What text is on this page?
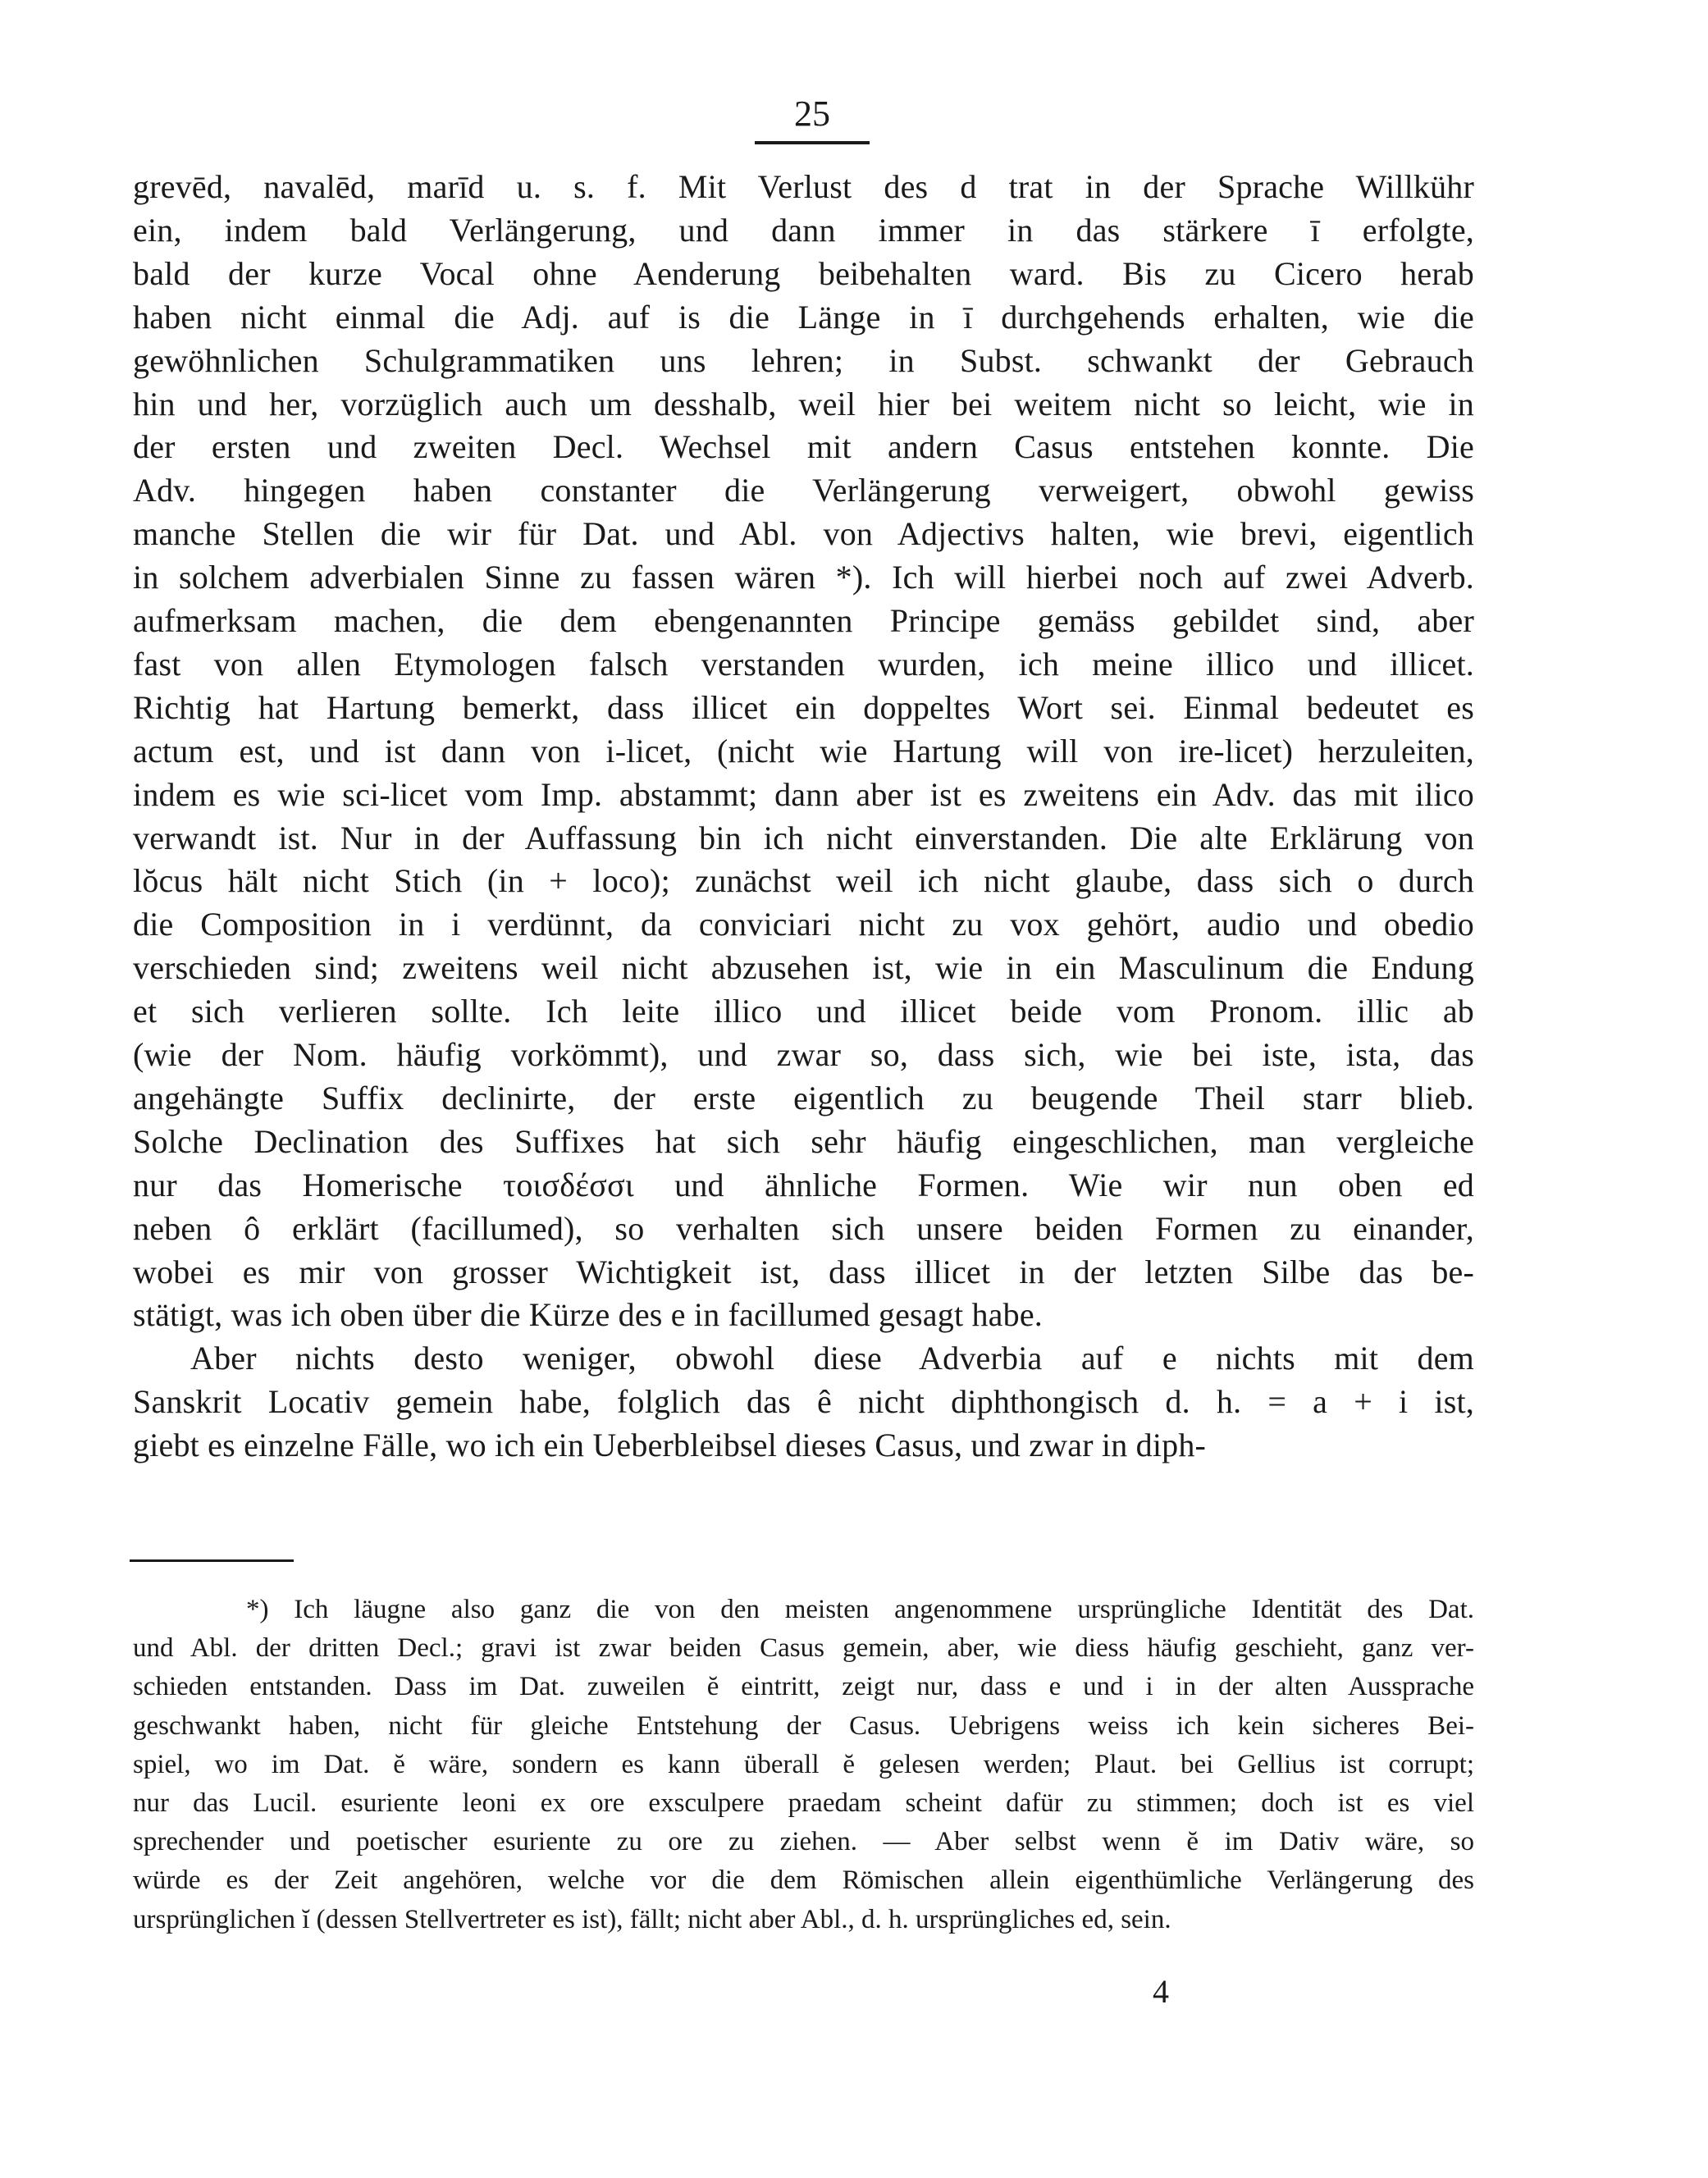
25
grevēd, navalēd, marīd u. s. f. Mit Verlust des d trat in der Sprache Willkühr
ein, indem bald Verlängerung, und dann immer in das stärkere ī erfolgte,
bald der kurze Vocal ohne Aenderung beibehalten ward. Bis zu Cicero herab
haben nicht einmal die Adj. auf is die Länge in ī durchgehends erhalten, wie die
gewöhnlichen Schulgrammatiken uns lehren; in Subst. schwankt der Gebrauch
hin und her, vorzüglich auch um desshalb, weil hier bei weitem nicht so leicht, wie in
der ersten und zweiten Decl. Wechsel mit andern Casus entstehen konnte. Die
Adv. hingegen haben constanter die Verlängerung verweigert, obwohl gewiss
manche Stellen die wir für Dat. und Abl. von Adjectivs halten, wie brevi, eigentlich
in solchem adverbialen Sinne zu fassen wären *). Ich will hierbei noch auf zwei Adverb.
aufmerksam machen, die dem ebengenannten Principe gemäss gebildet sind, aber
fast von allen Etymologen falsch verstanden wurden, ich meine illico und illicet.
Richtig hat Hartung bemerkt, dass illicet ein doppeltes Wort sei. Einmal bedeutet es
actum est, und ist dann von i-licet, (nicht wie Hartung will von ire-licet) herzuleiten,
indem es wie sci-licet vom Imp. abstammt; dann aber ist es zweitens ein Adv. das mit ilico
verwandt ist. Nur in der Auffassung bin ich nicht einverstanden. Die alte Erklärung von
lŏcus hält nicht Stich (in + loco); zunächst weil ich nicht glaube, dass sich o durch
die Composition in i verdünnt, da conviciari nicht zu vox gehört, audio und obedio
verschieden sind; zweitens weil nicht abzusehen ist, wie in ein Masculinum die Endung
et sich verlieren sollte. Ich leite illico und illicet beide vom Pronom. illic ab
(wie der Nom. häufig vorkömmt), und zwar so, dass sich, wie bei iste, ista, das
angehängte Suffix declinirte, der erste eigentlich zu beugende Theil starr blieb.
Solche Declination des Suffixes hat sich sehr häufig eingeschlichen, man vergleiche
nur das Homerische τοισδέσσι und ähnliche Formen. Wie wir nun oben ed
neben ô erklärt (facillumed), so verhalten sich unsere beiden Formen zu einander,
wobei es mir von grosser Wichtigkeit ist, dass illicet in der letzten Silbe das be-
stätigt, was ich oben über die Kürze des e in facillumed gesagt habe.
Aber nichts desto weniger, obwohl diese Adverbia auf e nichts mit dem
Sanskrit Locativ gemein habe, folglich das ê nicht diphthongisch d. h. = a + i ist,
giebt es einzelne Fälle, wo ich ein Ueberbleibsel dieses Casus, und zwar in diph-
*) Ich läugne also ganz die von den meisten angenommene ursprüngliche Identität des Dat.
und Abl. der dritten Decl.; gravi ist zwar beiden Casus gemein, aber, wie diess häufig geschieht, ganz ver-
schieden entstanden. Dass im Dat. zuweilen ĕ eintritt, zeigt nur, dass e und i in der alten Aussprache
geschwankt haben, nicht für gleiche Entstehung der Casus. Uebrigens weiss ich kein sicheres Bei-
spiel, wo im Dat. ĕ wäre, sondern es kann überall ĕ gelesen werden; Plaut. bei Gellius ist corrupt;
nur das Lucil. esuriente leoni ex ore exsculpere praedam scheint dafür zu stimmen; doch ist es viel
sprechender und poetischer esuriente zu ore zu ziehen. — Aber selbst wenn ĕ im Dativ wäre, so
würde es der Zeit angehören, welche vor die dem Römischen allein eigenthümliche Verlängerung des
ursprünglichen ĭ (dessen Stellvertreter es ist), fällt; nicht aber Abl., d. h. ursprüngliches ed, sein.
4
